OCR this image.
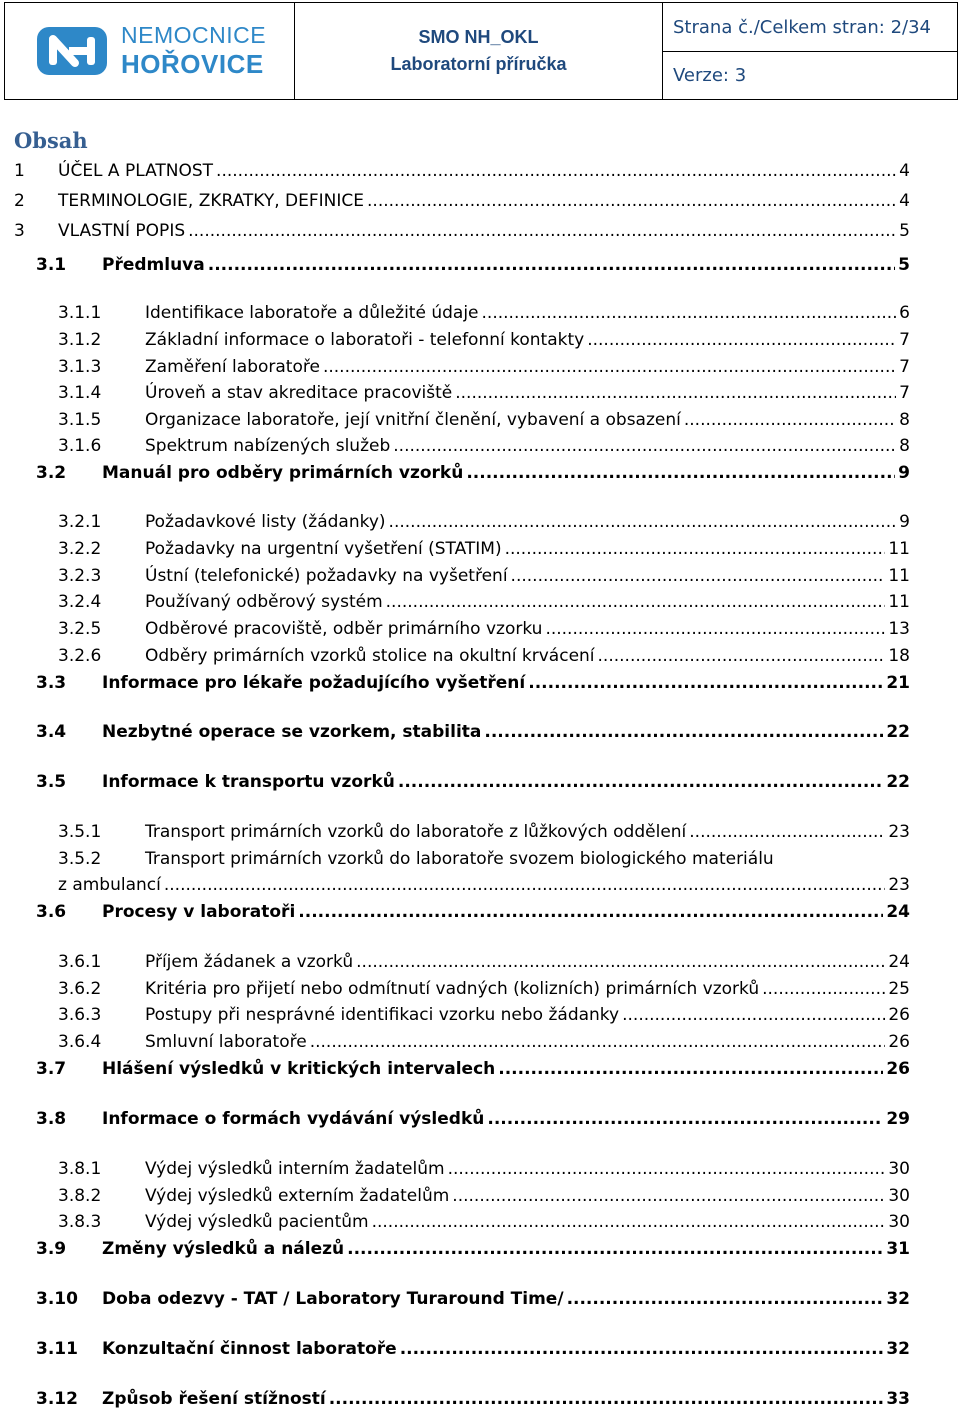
NEMOCNICE
HOŘOVICE
SMO NH_OKL
Laboratorní příručka
Strana č./Celkem stran: 2/34
Verze: 3
Obsah
1 ÚČEL A PLATNOST .....	4
2 TERMINOLOGIE, ZKRATKY, DEFINICE .....	4
3 VLASTNÍ POPIS .....	5
3.1 Předmluva .....	5
3.1.1	Identifikace laboratoře a důležité údaje .....	6
3.1.2	Základní informace o laboratoři - telefonní kontakty .....	7
3.1.3	Zaměření laboratoře .....	7
3.1.4	Úroveň a stav akreditace pracoviště .....	7
3.1.5	Organizace laboratoře, její vnitřní členění, vybavení a obsazení .....	8
3.1.6	Spektrum nabízených služeb .....	8
3.2 Manuál pro odběry primárních vzorků .....	9
3.2.1	Požadavkové listy (žádanky) .....	9
3.2.2	Požadavky na urgentní vyšetření (STATIM) .....	11
3.2.3	Ústní (telefonické) požadavky na vyšetření .....	11
3.2.4	Používaný odběrový systém .....	11
3.2.5	Odběrové pracoviště, odběr primárního vzorku .....	13
3.2.6	Odběry primárních vzorků stolice na okultní krvácení .....	18
3.3 Informace pro lékaře požadujícího vyšetření .....	21
3.4 Nezbytné operace se vzorkem, stabilita .....	22
3.5 Informace k transportu vzorků .....	22
3.5.1	Transport primárních vzorků do laboratoře z lůžkových oddělení .....	23
3.5.2	Transport primárních vzorků do laboratoře svozem biologického materiálu
z ambulancí .....	23
3.6 Procesy v laboratoři .....	24
3.6.1	Příjem žádanek a vzorků .....	24
3.6.2	Kritéria pro přijetí nebo odmítnutí vadných (kolizních) primárních vzorků .....	25
3.6.3	Postupy při nesprávné identifikaci vzorku nebo žádanky .....	26
3.6.4	Smluvní laboratoře .....	26
3.7 Hlášení výsledků v kritických intervalech .....	26
3.8 Informace o formách vydávání výsledků .....	29
3.8.1	Výdej výsledků interním žadatelům .....	30
3.8.2	Výdej výsledků externím žadatelům .....	30
3.8.3	Výdej výsledků pacientům .....	30
3.9 Změny výsledků a nálezů .....	31
3.10 Doba odezvy - TAT / Laboratory Turaround Time/ .....	32
3.11 Konzultační činnost laboratoře .....	32
3.12 Způsob řešení stížností .....	33
